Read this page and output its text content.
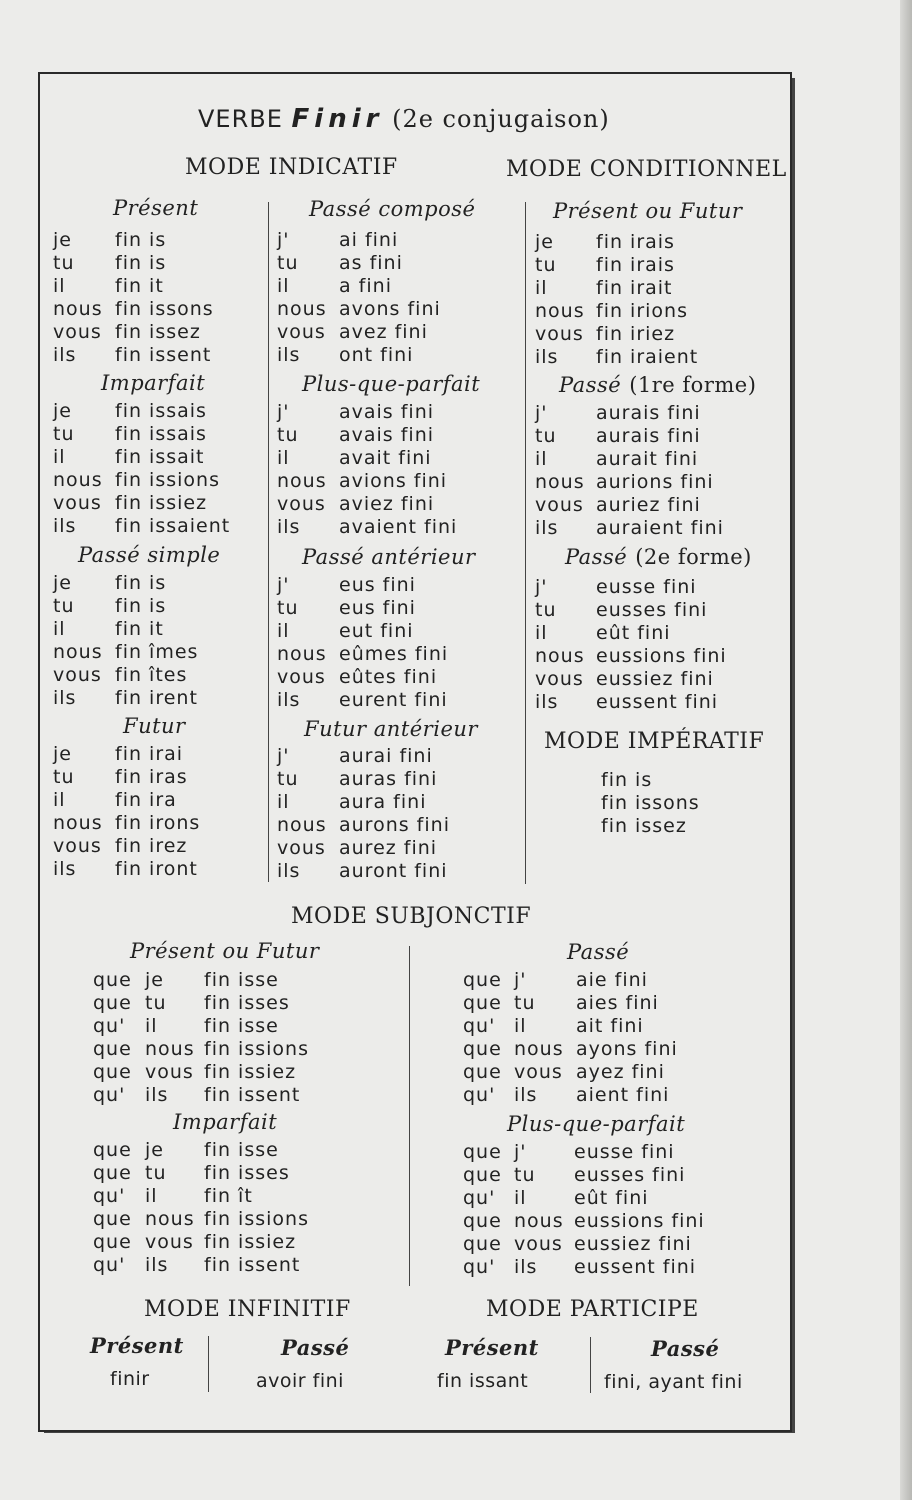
VERBE Finir (2e conjugaison)
MODE INDICATIF	MODE CONDITIONNEL
Présent
je fin is
tu fin is
il	fin it
nous fin issons
vous fin issez
ils fin issent
Imparfait
je fin issais
tu fin issais
il	fin issait
nous fin issions
vous fin issiez
ils fin issaient
Passé simple
je fin is
tu fin is
il	fin it
nous fin îmes
vous fin îtes
ils fin irent
Futur
je fin irai
tu fin iras
il	fin ira
nous fin irons
vous fin irez
ils fin iront
Passé composé
j'	ai fini
tu as fini
il	a fini
nous avons fini
vous avez fini
ils ont fini
Plus-que-parfait
j'	avais fini
tu avais fini
il	avait fini
nous avions fini
vous aviez fini
ils avaient fini
Passé antérieur
j'	eus fini
tu eus fini
il	eut fini
nous eûmes fini
vous eûtes fini
ils eurent fini
Futur antérieur
j'	aurai fini
tu auras fini
il	aura fini
nous aurons fini
vous aurez fini
ils auront fini
Présent ou Futur
je fin irais
tu fin irais
il	fin irait
nous fin irions
vous fin iriez
ils fin iraient
Passé (1re forme)
j'	aurais fini
tu aurais fini
il	aurait fini
nous aurions fini
vous auriez fini
ils auraient fini
Passé (2e forme)
j'	eusse fini
tu eusses fini
il	eût fini
nous eussions fini
vous eussiez fini
ils eussent fini
Présent ou Futur
que je fin isse
que tu fin isses
qu' il fin isse
que nous fin issions
que vous fin issiez
qu' ils fin issent
Imparfait
que je fin isse
que tu fin isses
qu' il fin ît
que nous fin issions
que vous fin issiez
qu' ils fin issent
Passé
que j'	aie fini
que tu aies fini
qu' il	ait fini
que nous ayons fini
que vous ayez fini
qu' ils aient fini
Plus-que-parfait
que j' eusse fini
que tu eusses fini
qu' il eût fini
que nous eussions fini
que vous eussiez fini
qu' ils eussent fini
MODE IMPÉRATIF
fin is
fin issons
fin issez
MODE SUBJONCTIF
MODE INFINITIF	MODE PARTICIPE
Présent	Passé	Présent	Passé
finir	avoir fini	fin issant	fini, ayant fini
